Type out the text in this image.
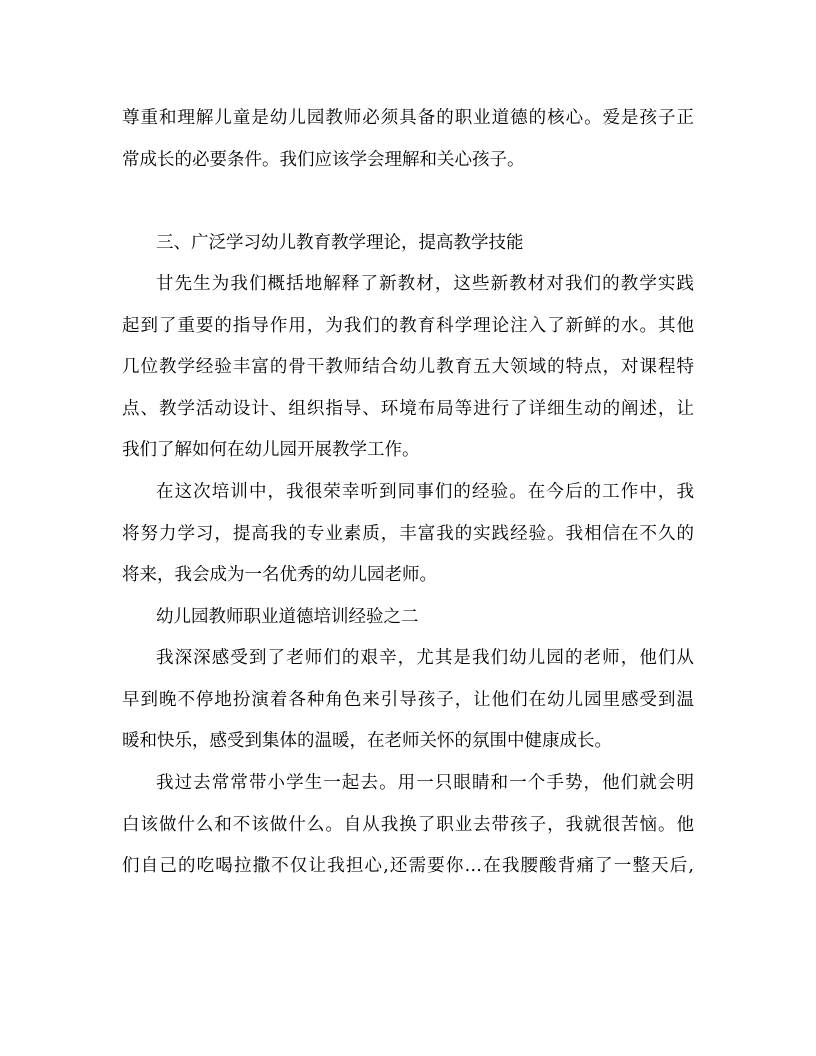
尊重和理解儿童是幼儿园教师必须具备的职业道德的核心。爱是孩子正
常成长的必要条件。我们应该学会理解和关心孩子。
三、广泛学习幼儿教育教学理论，提高教学技能
甘先生为我们概括地解释了新教材，这些新教材对我们的教学实践
起到了重要的指导作用，为我们的教育科学理论注入了新鲜的水。其他
几位教学经验丰富的骨干教师结合幼儿教育五大领域的特点，对课程特
点、教学活动设计、组织指导、环境布局等进行了详细生动的阐述，让
我们了解如何在幼儿园开展教学工作。
在这次培训中，我很荣幸听到同事们的经验。在今后的工作中，我
将努力学习，提高我的专业素质，丰富我的实践经验。我相信在不久的
将来，我会成为一名优秀的幼儿园老师。
幼儿园教师职业道德培训经验之二
我深深感受到了老师们的艰辛，尤其是我们幼儿园的老师，他们从
早到晚不停地扮演着各种角色来引导孩子，让他们在幼儿园里感受到温
暖和快乐，感受到集体的温暖，在老师关怀的氛围中健康成长。
我过去常常带小学生一起去。用一只眼睛和一个手势，他们就会明
白该做什么和不该做什么。自从我换了职业去带孩子，我就很苦恼。他
们自己的吃喝拉撒不仅让我担心,还需要你…在我腰酸背痛了一整天后,
